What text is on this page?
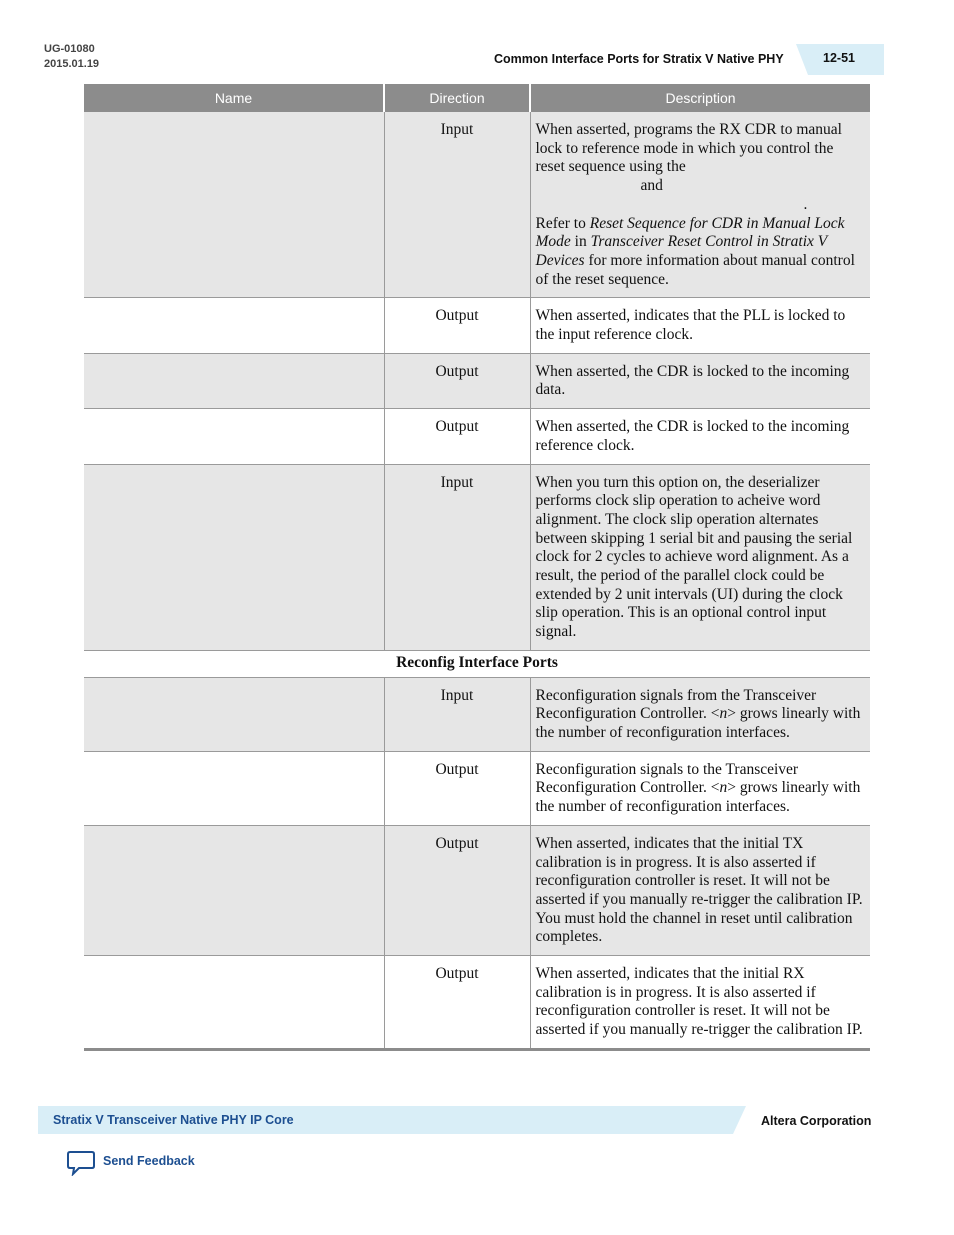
UG-01080
2015.01.19	Common Interface Ports for Stratix V Native PHY	12-51
Name	Direction	Description
	Input	When asserted, programs the RX CDR to manual lock to reference mode in which you control the reset sequence using the
and
.
Refer to Reset Sequence for CDR in Manual Lock Mode in Transceiver Reset Control in Stratix V Devices for more information about manual control of the reset sequence.
	Output	When asserted, indicates that the PLL is locked to the input reference clock.
	Output	When asserted, the CDR is locked to the incoming data.
	Output	When asserted, the CDR is locked to the incoming reference clock.
	Input	When you turn this option on, the deserializer performs clock slip operation to acheive word alignment. The clock slip operation alternates between skipping 1 serial bit and pausing the serial clock for 2 cycles to achieve word alignment. As a result, the period of the parallel clock could be extended by 2 unit intervals (UI) during the clock slip operation. This is an optional control input signal.
Reconfig Interface Ports		
	Input	Reconfiguration signals from the Transceiver Reconfiguration Controller. <n> grows linearly with the number of reconfiguration interfaces.
	Output	Reconfiguration signals to the Transceiver Reconfiguration Controller. <n> grows linearly with the number of reconfiguration interfaces.
	Output	When asserted, indicates that the initial TX calibration is in progress. It is also asserted if reconfiguration controller is reset. It will not be asserted if you manually re-trigger the calibration IP. You must hold the channel in reset until calibration completes.
	Output	When asserted, indicates that the initial RX calibration is in progress. It is also asserted if reconfiguration controller is reset. It will not be asserted if you manually re-trigger the calibration IP.
Stratix V Transceiver Native PHY IP Core	Altera Corporation
Send Feedback
